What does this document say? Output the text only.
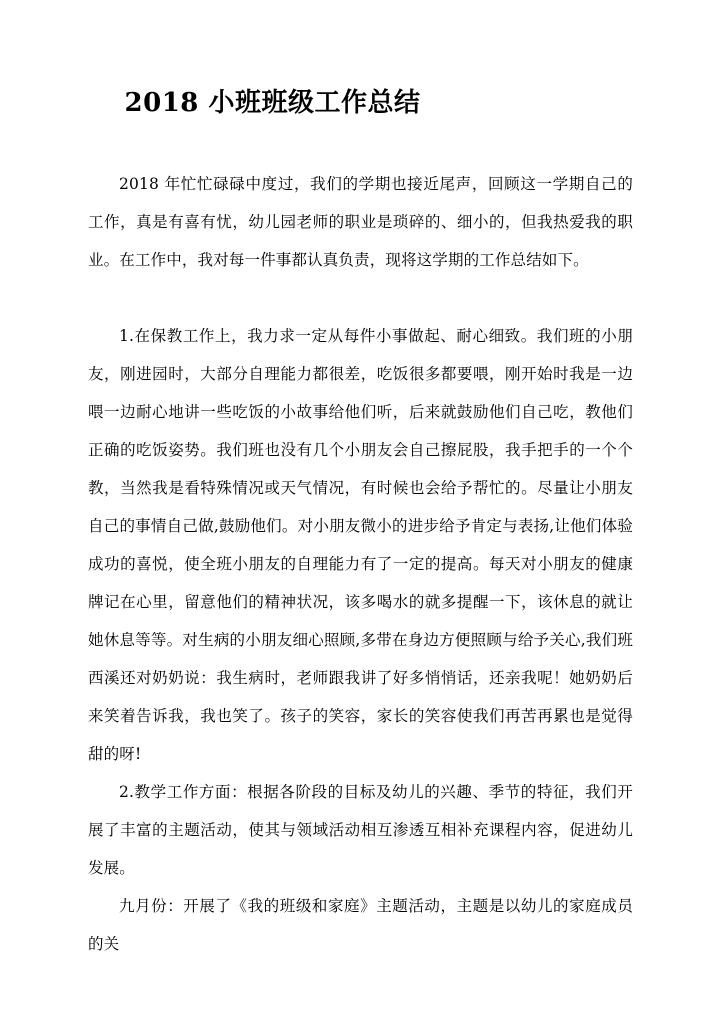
2018 小班班级工作总结

2018 年忙忙碌碌中度过，我们的学期也接近尾声，回顾这一学期自己的工作，真是有喜有忧，幼儿园老师的职业是琐碎的、细小的，但我热爱我的职业。在工作中，我对每一件事都认真负责，现将这学期的工作总结如下。

1.在保教工作上，我力求一定从每件小事做起、耐心细致。我们班的小朋友，刚进园时，大部分自理能力都很差，吃饭很多都要喂，刚开始时我是一边喂一边耐心地讲一些吃饭的小故事给他们听，后来就鼓励他们自己吃，教他们正确的吃饭姿势。我们班也没有几个小朋友会自己擦屁股，我手把手的一个个教，当然我是看特殊情况或天气情况，有时候也会给予帮忙的。尽量让小朋友自己的事情自己做,鼓励他们。对小朋友微小的进步给予肯定与表扬,让他们体验成功的喜悦，使全班小朋友的自理能力有了一定的提高。每天对小朋友的健康牌记在心里，留意他们的精神状况，该多喝水的就多提醒一下，该休息的就让她休息等等。对生病的小朋友细心照顾,多带在身边方便照顾与给予关心,我们班西溪还对奶奶说：我生病时，老师跟我讲了好多悄悄话，还亲我呢！她奶奶后来笑着告诉我，我也笑了。孩子的笑容，家长的笑容使我们再苦再累也是觉得甜的呀!

2.教学工作方面：根据各阶段的目标及幼儿的兴趣、季节的特征，我们开展了丰富的主题活动，使其与领域活动相互渗透互相补充课程内容，促进幼儿发展。

九月份：开展了《我的班级和家庭》主题活动，主题是以幼儿的家庭成员的关
